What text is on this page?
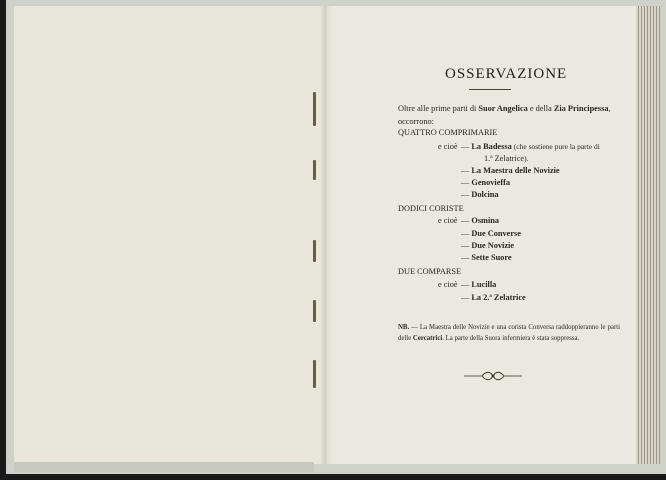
OSSERVAZIONE
Oltre alle prime parti di Suor Angelica e della Zia Principessa, occorrono:
QUATTRO COMPRIMARIE
e cioè — La Badessa (che sostiene pure la parte di
1.ª Zelatrice).
— La Maestra delle Novizie
— Genovieffa
— Dolcina
DODICI CORISTE
e cioè — Osmina
— Due Converse
— Due Novizie
— Sette Suore
DUE COMPARSE
e cioè — Lucilla
— La 2.ª Zelatrice
NB. — La Maestra delle Novizie e una corista Conversa raddoppieranno le parti delle Cercatrici. La parte della Suora infermiera è stata soppressa.
